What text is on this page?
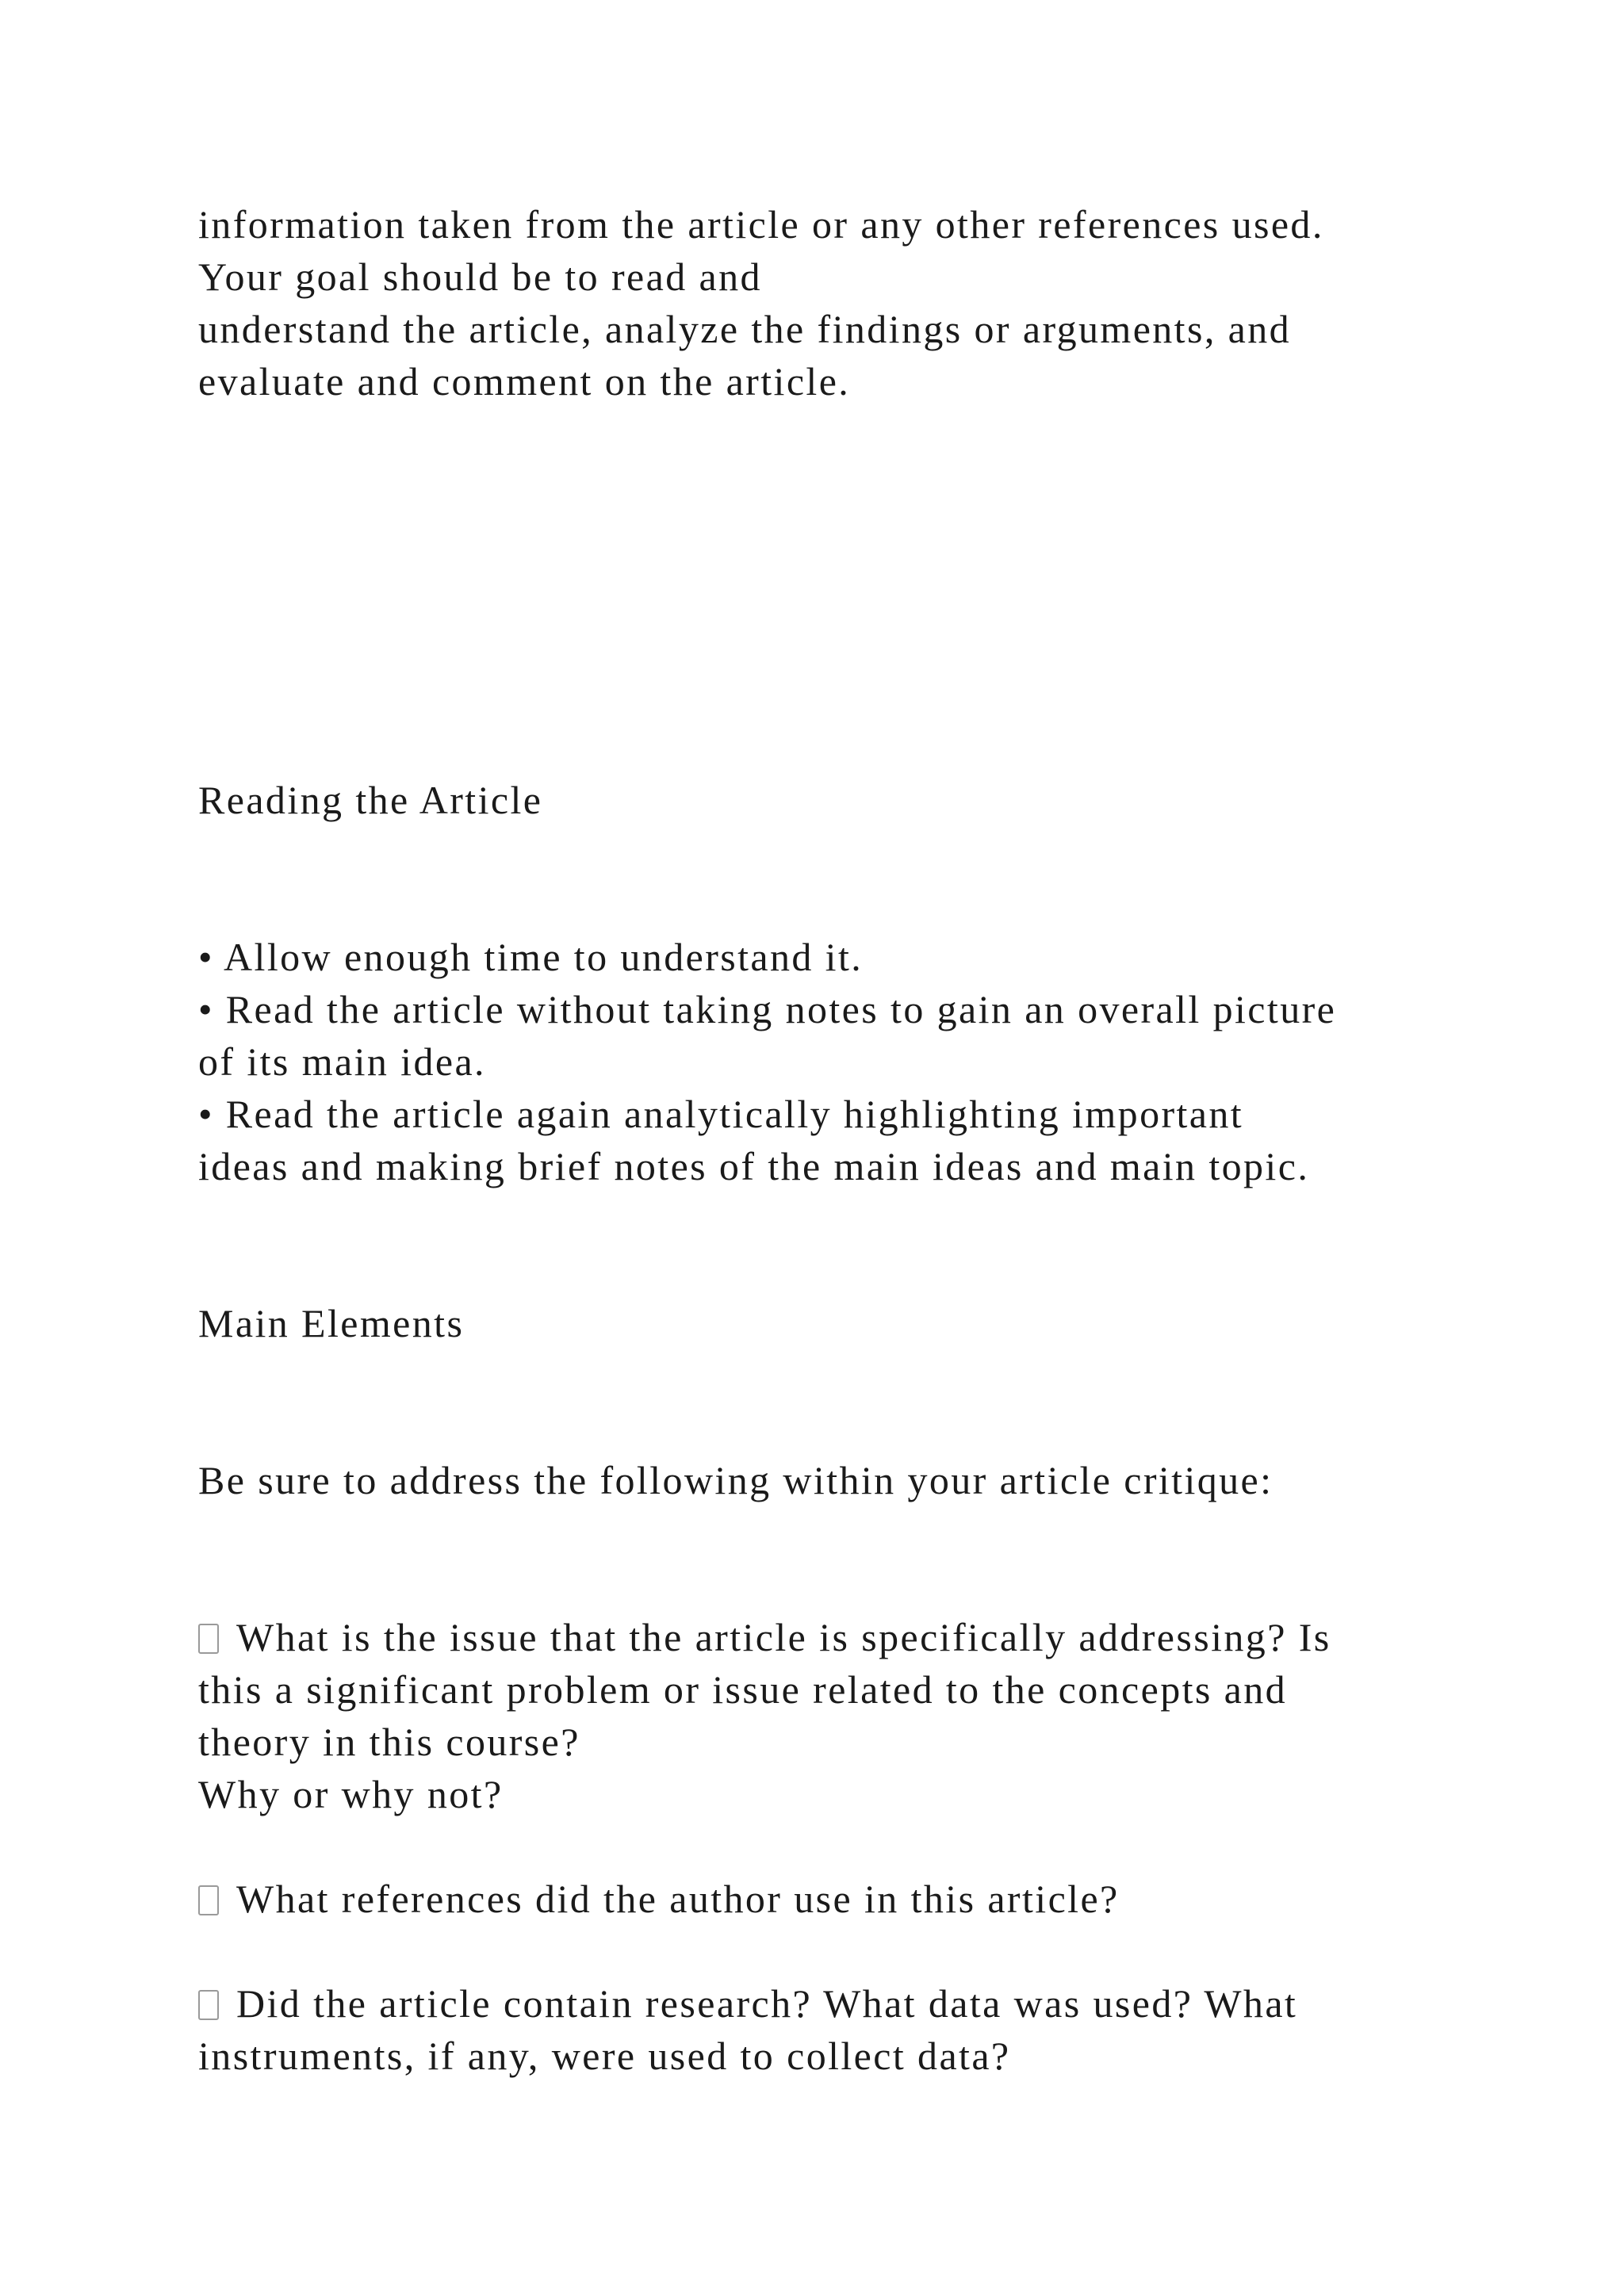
information taken from the article or any other references used.

Your goal should be to read and

understand the article, analyze the findings or arguments, and

evaluate and comment on the article.

Reading the Article

• Allow enough time to understand it.

• Read the article without taking notes to gain an overall picture

of its main idea.

• Read the article again analytically highlighting important

ideas and making brief notes of the main ideas and main topic.

Main Elements

Be sure to address the following within your article critique:

What is the issue that the article is specifically addressing? Is

this a significant problem or issue related to the concepts and

theory in this course?

Why or why not?

What references did the author use in this article?

Did the article contain research? What data was used? What

instruments, if any, were used to collect data?
